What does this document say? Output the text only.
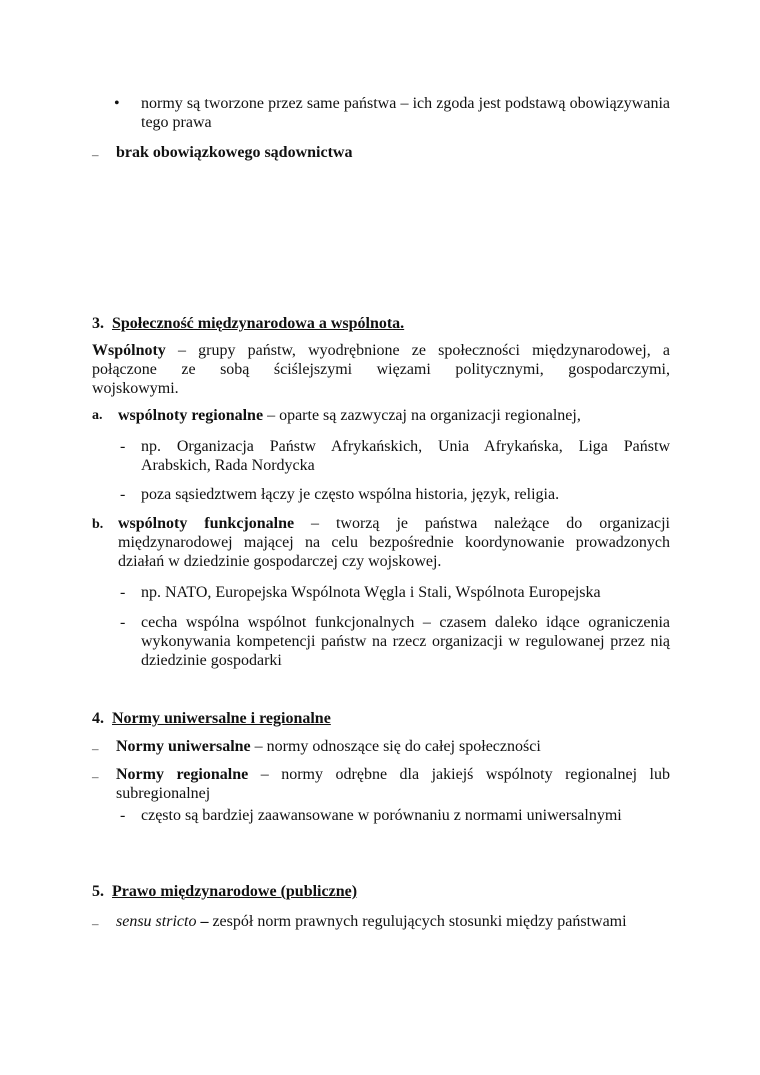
• normy są tworzone przez same państwa – ich zgoda jest podstawą obowiązywania tego prawa
– brak obowiązkowego sądownictwa
3. Społeczność międzynarodowa a wspólnota.
Wspólnoty – grupy państw, wyodrębnione ze społeczności międzynarodowej, a połączone ze sobą ściślejszymi więzami politycznymi, gospodarczymi,
wojskowymi.
a. wspólnoty regionalne – oparte są zazwyczaj na organizacji regionalnej,
- np. Organizacja Państw Afrykańskich, Unia Afrykańska, Liga Państw
Arabskich, Rada Nordycka
- poza sąsiedztwem łączy je często wspólna historia, język, religia.
b. wspólnoty funkcjonalne – tworzą je państwa należące do organizacji międzynarodowej mającej na celu bezpośrednie koordynowanie prowadzonych działań w dziedzinie gospodarczej czy wojskowej.
- np. NATO, Europejska Wspólnota Węgla i Stali, Wspólnota Europejska
- cecha wspólna wspólnot funkcjonalnych – czasem daleko idące ograniczenia wykonywania kompetencji państw na rzecz organizacji w regulowanej przez nią dziedzinie gospodarki
4. Normy uniwersalne i regionalne
– Normy uniwersalne – normy odnoszące się do całej społeczności
– Normy regionalne – normy odrębne dla jakiejś wspólnoty regionalnej lub subregionalnej
- często są bardziej zaawansowane w porównaniu z normami uniwersalnymi
5. Prawo międzynarodowe (publiczne)
– sensu stricto – zespół norm prawnych regulujących stosunki między państwami
